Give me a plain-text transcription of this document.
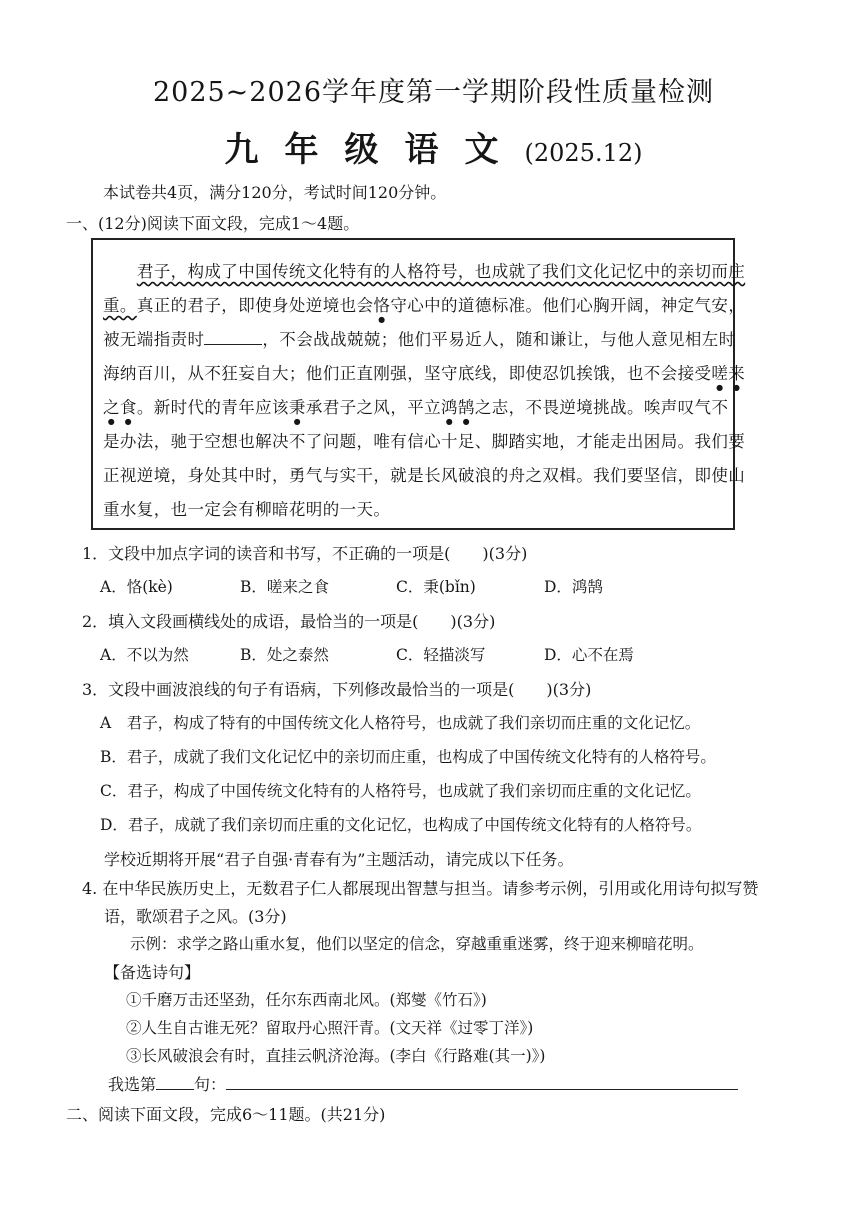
2025~2026学年度第一学期阶段性质量检测
九年级语文(2025.12)
本试卷共4页，满分120分，考试时间120分钟。
一、(12分)阅读下面文段，完成1～4题。
　　君子，构成了中国传统文化特有的人格符号，也成就了我们文化记忆中的亲切而庄
重。真正的君子，即使身处逆境也会恪守心中的道德标准。他们心胸开阔，神定气安，
被无端指责时	，不会战战兢兢；他们平易近人，随和谦让，与他人意见相左时
海纳百川，从不狂妄自大；他们正直刚强，坚守底线，即使忍饥挨饿，也不会接受嗟来
之食。新时代的青年应该秉承君子之风，平立鸿鹄之志，不畏逆境挑战。唉声叹气不
是办法，驰于空想也解决不了问题，唯有信心十足、脚踏实地，才能走出困局。我们要
正视逆境，身处其中时，勇气与实干，就是长风破浪的舟之双楫。我们要坚信，即使山
重水复，也一定会有柳暗花明的一天。
1．文段中加点字词的读音和书写，不正确的一项是(　　)(3分)
A．恪(kè)	B．嗟来之食	C．秉(bǐn)	D．鸿鹄
2．填入文段画横线处的成语，最恰当的一项是(　　)(3分)
A．不以为然	B．处之泰然	C．轻描淡写	D．心不在焉
3．文段中画波浪线的句子有语病，下列修改最恰当的一项是(　　)(3分)
A　君子，构成了特有的中国传统文化人格符号，也成就了我们亲切而庄重的文化记忆。
B．君子，成就了我们文化记忆中的亲切而庄重，也构成了中国传统文化特有的人格符号。
C．君子，构成了中国传统文化特有的人格符号，也成就了我们亲切而庄重的文化记忆。
D．君子，成就了我们亲切而庄重的文化记忆，也构成了中国传统文化特有的人格符号。
学校近期将开展“君子自强·青春有为”主题活动，请完成以下任务。
4. 在中华民族历史上，无数君子仁人都展现出智慧与担当。请参考示例，引用或化用诗句拟写赞
语，歌颂君子之风。(3分)
示例：求学之路山重水复，他们以坚定的信念，穿越重重迷雾，终于迎来柳暗花明。
【备选诗句】
①千磨万击还坚劲，任尔东西南北风。(郑燮《竹石》)
②人生自古谁无死？留取丹心照汗青。(文天祥《过零丁洋》)
③长风破浪会有时，直挂云帆济沧海。(李白《行路难(其一)》)
我选第 句：
二、阅读下面文段，完成6～11题。(共21分)
